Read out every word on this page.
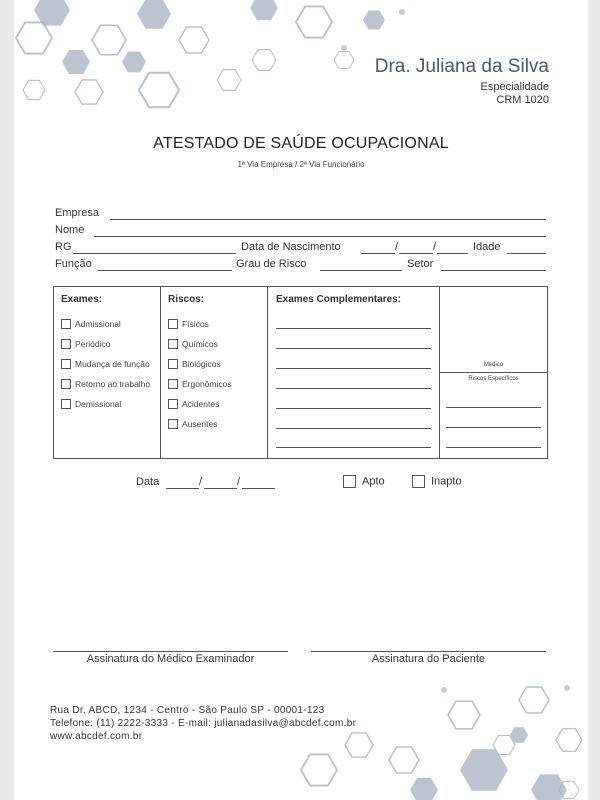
Dra. Juliana da Silva
Especialidade
CRM 1020
ATESTADO DE SAÚDE OCUPACIONAL
1ª Via Empresa / 2ª Via Funcionário
Empresa
Nome
RG	Data de Nascimento	/	/	Idade
Função	Grau de Risco	Setor
Exames:
Admissional
Periódico
Mudança de função
Retorno ao trabalho
Demissional
Riscos:
Físicos
Químicos
Biológicos
Ergonômicos
Acidentes
Ausentes
Exames Complementares:
Médico
Riscos Específicos
Data	/	/	Apto	Inapto
Assinatura do Médico Examinador	Assinatura do Paciente
Rua Dr. ABCD, 1234 - Centro - São Paulo SP - 00001-123
Telefone: (11) 2222-3333 - E-mail: julianadasilva@abcdef.com.br
www.abcdef.com.br
